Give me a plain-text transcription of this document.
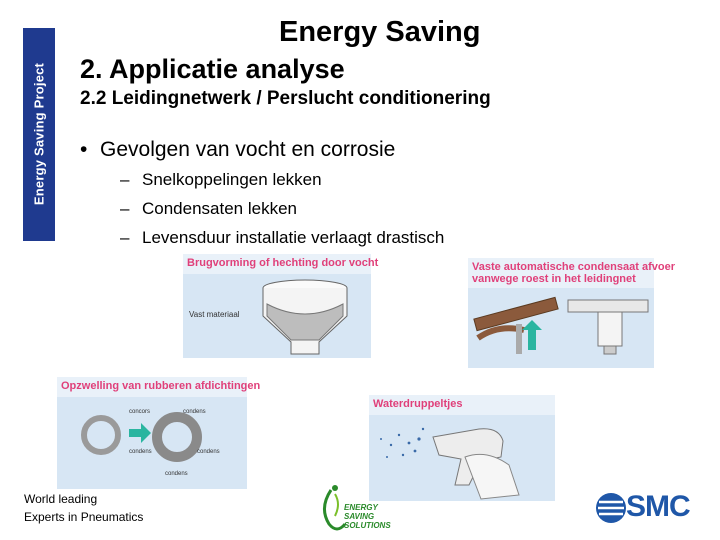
Energy Saving Project
Energy Saving
2. Applicatie analyse
2.2 Leidingnetwerk / Perslucht conditionering
• Gevolgen van vocht en corrosie
– Snelkoppelingen lekken
– Condensaten lekken
– Levensduur installatie verlaagt drastisch
Brugvorming of hechting door vocht
Vast materiaal
Vaste automatische condensaat afvoer
vanwege roest in het leidingnet
Opzwelling van rubberen afdichtingen
concors	condens
condens	condens
condens
Waterdruppeltjes
World leading
Experts in Pneumatics
ENERGY
SAVING
SOLUTIONS
SMC
